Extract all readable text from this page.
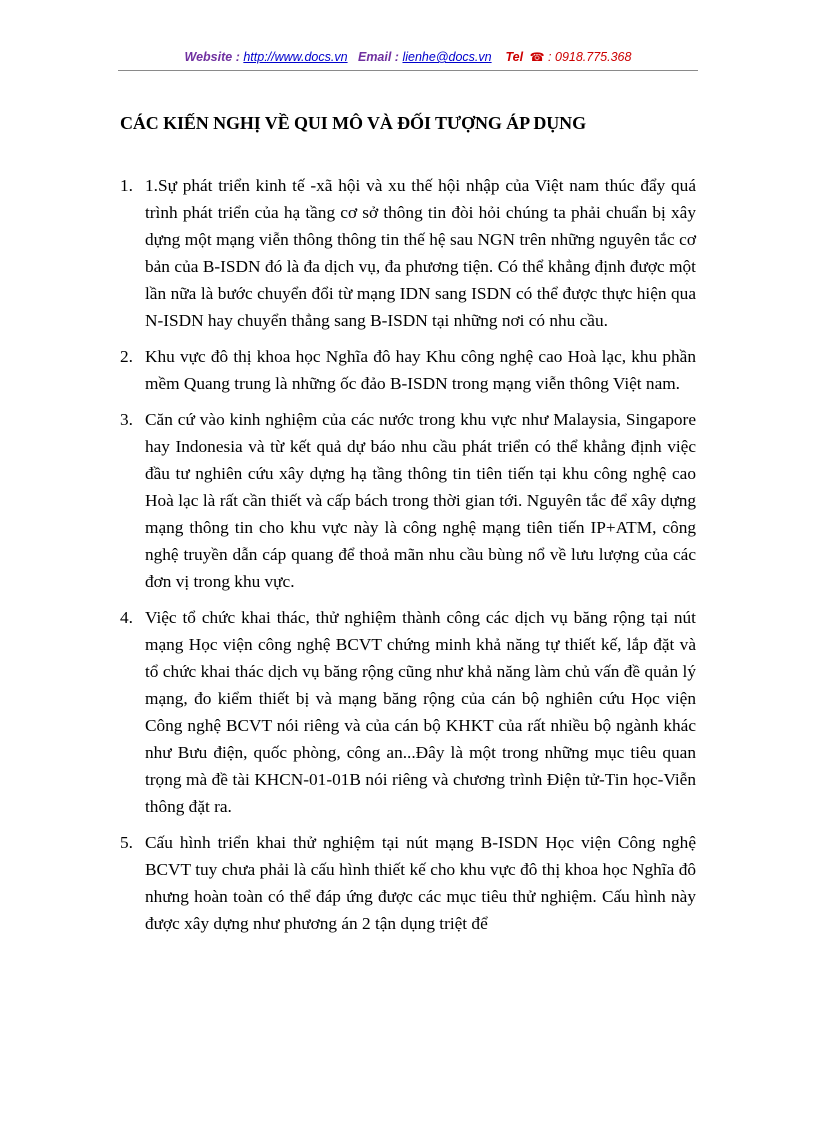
Website : http://www.docs.vn Email : lienhe@docs.vn Tel ☎ : 0918.775.368
CÁC KIẾN NGHỊ VỀ QUI MÔ VÀ ĐỐI TƯỢNG ÁP DỤNG
1. 1.Sự phát triển kinh tế -xã hội và xu thế hội nhập của Việt nam thúc đẩy quá trình phát triển của hạ tầng cơ sở thông tin đòi hỏi chúng ta phải chuẩn bị xây dựng một mạng viễn thông thông tin thế hệ sau NGN trên những nguyên tắc cơ bản của B-ISDN đó là đa dịch vụ, đa phương tiện. Có thể khẳng định được một lần nữa là bước chuyển đổi từ mạng IDN sang ISDN có thể được thực hiện qua N-ISDN hay chuyển thẳng sang B-ISDN tại những nơi có nhu cầu.
2. Khu vực đô thị khoa học Nghĩa đô hay Khu công nghệ cao Hoà lạc, khu phần mềm Quang trung là những ốc đảo B-ISDN trong mạng viễn thông Việt nam.
3. Căn cứ vào kinh nghiệm của các nước trong khu vực như Malaysia, Singapore hay Indonesia và từ kết quả dự báo nhu cầu phát triển có thể khẳng định việc đầu tư nghiên cứu xây dựng hạ tầng thông tin tiên tiến tại khu công nghệ cao Hoà lạc là rất cần thiết và cấp bách trong thời gian tới. Nguyên tắc để xây dựng mạng thông tin cho khu vực này là công nghệ mạng tiên tiến IP+ATM, công nghệ truyền dẫn cáp quang để thoả mãn nhu cầu bùng nổ về lưu lượng của các đơn vị trong khu vực.
4. Việc tổ chức khai thác, thử nghiệm thành công các dịch vụ băng rộng tại nút mạng Học viện công nghệ BCVT chứng minh khả năng tự thiết kế, lắp đặt và tổ chức khai thác dịch vụ băng rộng cũng như khả năng làm chủ vấn đề quản lý mạng, đo kiểm thiết bị và mạng băng rộng của cán bộ nghiên cứu Học viện Công nghệ BCVT nói riêng và của cán bộ KHKT của rất nhiều bộ ngành khác như Bưu điện, quốc phòng, công an...Đây là một trong những mục tiêu quan trọng mà đề tài KHCN-01-01B nói riêng và chương trình Điện tử-Tin học-Viễn thông đặt ra.
5. Cấu hình triển khai thử nghiệm tại nút mạng B-ISDN Học viện Công nghệ BCVT tuy chưa phải là cấu hình thiết kế cho khu vực đô thị khoa học Nghĩa đô nhưng hoàn toàn có thể đáp ứng được các mục tiêu thử nghiệm. Cấu hình này được xây dựng như phương án 2 tận dụng triệt để
